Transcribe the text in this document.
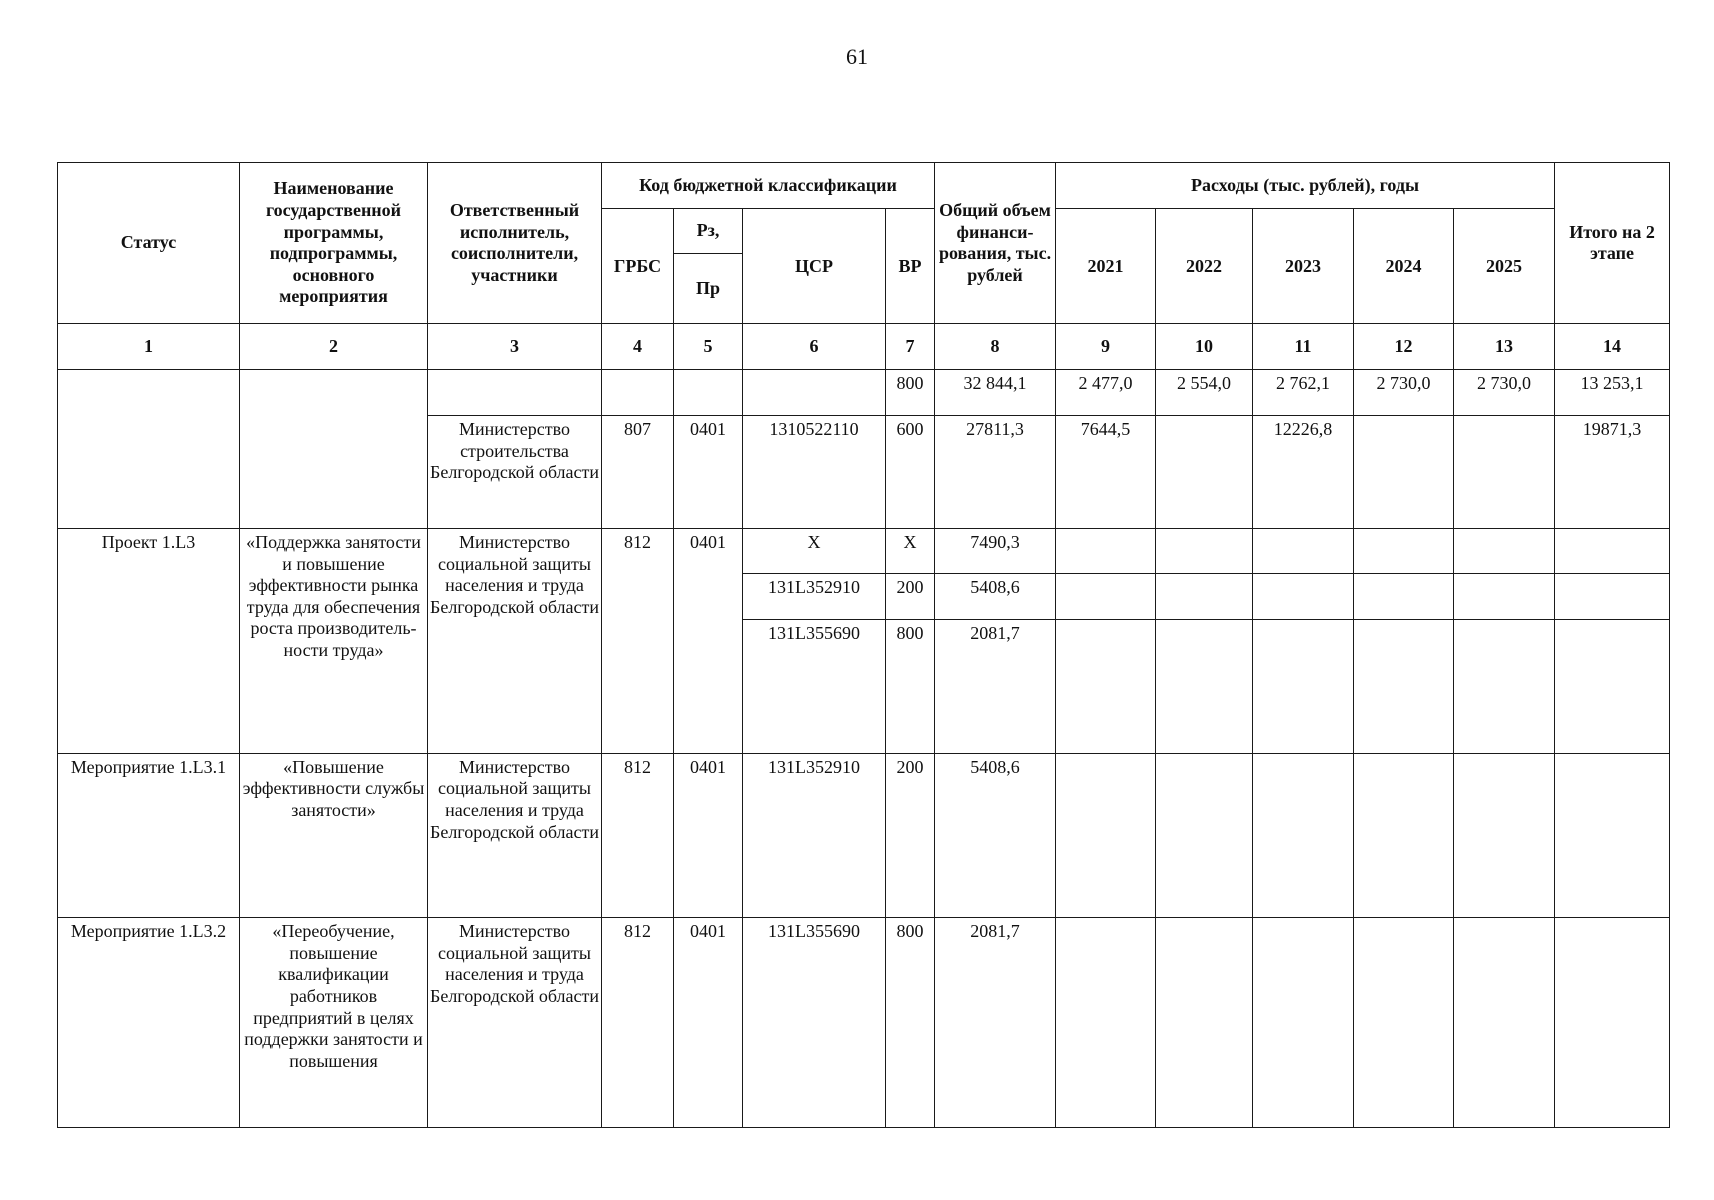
61
Статус	Наименование государственной программы, подпрограммы, основного мероприятия	Ответственный исполнитель, соисполнители, участники	Код бюджетной классификации				Общий объем финанси-рования, тыс. рублей	Расходы (тыс. рублей), годы					Итого на 2 этапе
			ГРБС	Рз,	ЦСР	ВР		2021	2022	2023	2024	2025	
				Пр									
1	2	3	4	5	6	7	8	9	10	11	12	13	14
						800	32 844,1	2 477,0	2 554,0	2 762,1	2 730,0	2 730,0	13 253,1
		Министерство строительства Белгородской области	807	0401	1310522110	600	27811,3	7644,5		12226,8			19871,3
Проект 1.L3	«Поддержка занятости и повышение эффективности рынка труда для обеспечения роста производитель-ности труда»	Министерство социальной защиты населения и труда Белгородской области	812	0401	Х	Х	7490,3						
					131L352910	200	5408,6						
					131L355690	800	2081,7						
Мероприятие 1.L3.1	«Повышение эффективности службы занятости»	Министерство социальной защиты населения и труда Белгородской области	812	0401	131L352910	200	5408,6						
Мероприятие 1.L3.2	«Переобучение, повышение квалификации работников предприятий в целях поддержки занятости и повышения	Министерство социальной защиты населения и труда Белгородской области	812	0401	131L355690	800	2081,7						
